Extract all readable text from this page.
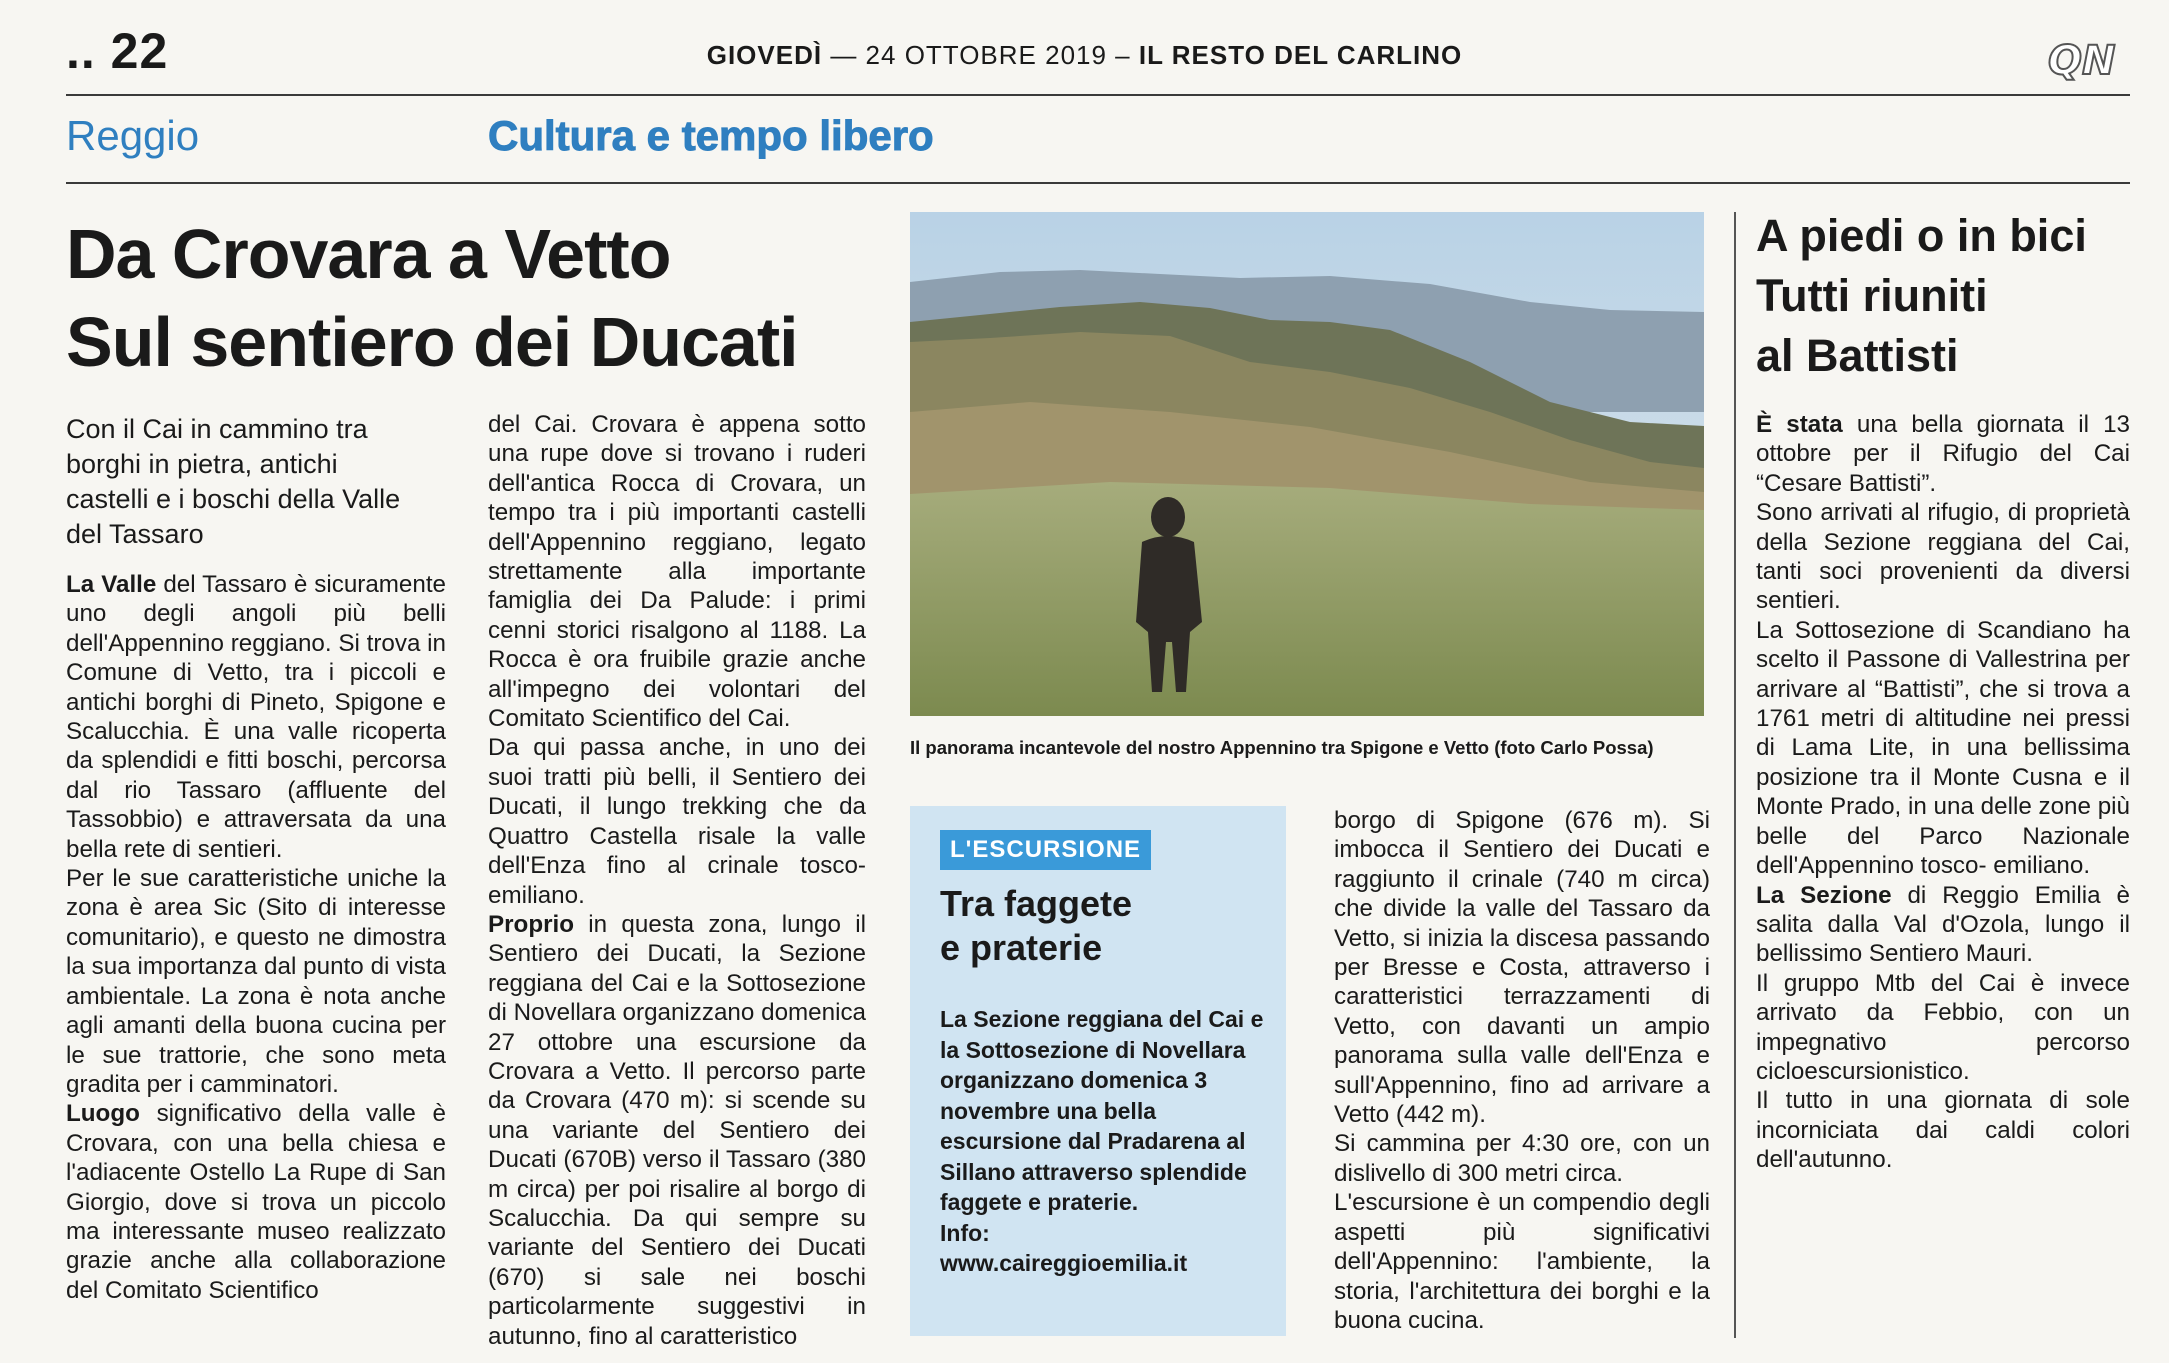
.. 22	GIOVEDÌ — 24 OTTOBRE 2019 – IL RESTO DEL CARLINO	QN
Reggio	Cultura e tempo libero
Da Crovara a Vetto
Sul sentiero dei Ducati
Con il Cai in cammino tra borghi in pietra, antichi castelli e i boschi della Valle del Tassaro
La Valle del Tassaro è sicuramente uno degli angoli più belli dell'Appennino reggiano. Si trova in Comune di Vetto, tra i piccoli e antichi borghi di Pineto, Spigone e Scalucchia. È una valle ricoperta da splendidi e fitti boschi, percorsa dal rio Tassaro (affluente del Tassobbio) e attraversata da una bella rete di sentieri.
Per le sue caratteristiche uniche la zona è area Sic (Sito di interesse comunitario), e questo ne dimostra la sua importanza dal punto di vista ambientale. La zona è nota anche agli amanti della buona cucina per le sue trattorie, che sono meta gradita per i camminatori.
Luogo significativo della valle è Crovara, con una bella chiesa e l'adiacente Ostello La Rupe di San Giorgio, dove si trova un piccolo ma interessante museo realizzato grazie anche alla collaborazione del Comitato Scientifico
del Cai. Crovara è appena sotto una rupe dove si trovano i ruderi dell'antica Rocca di Crovara, un tempo tra i più importanti castelli dell'Appennino reggiano, legato strettamente alla importante famiglia dei Da Palude: i primi cenni storici risalgono al 1188. La Rocca è ora fruibile grazie anche all'impegno dei volontari del Comitato Scientifico del Cai.
Da qui passa anche, in uno dei suoi tratti più belli, il Sentiero dei Ducati, il lungo trekking che da Quattro Castella risale la valle dell'Enza fino al crinale tosco-emiliano.
Proprio in questa zona, lungo il Sentiero dei Ducati, la Sezione reggiana del Cai e la Sottosezione di Novellara organizzano domenica 27 ottobre una escursione da Crovara a Vetto. Il percorso parte da Crovara (470 m): si scende su una variante del Sentiero dei Ducati (670B) verso il Tassaro (380 m circa) per poi risalire al borgo di Scalucchia. Da qui sempre su variante del Sentiero dei Ducati (670) si sale nei boschi particolarmente suggestivi in autunno, fino al caratteristico
Il panorama incantevole del nostro Appennino tra Spigone e Vetto (foto Carlo Possa)
L'ESCURSIONE
Tra faggete
e praterie
La Sezione reggiana del Cai e la Sottosezione di Novellara organizzano domenica 3 novembre una bella escursione dal Pradarena al Sillano attraverso splendide faggete e praterie.
Info:
www.caireggioemilia.it
borgo di Spigone (676 m). Si imbocca il Sentiero dei Ducati e raggiunto il crinale (740 m circa) che divide la valle del Tassaro da Vetto, si inizia la discesa passando per Bresse e Costa, attraverso i caratteristici terrazzamenti di Vetto, con davanti un ampio panorama sulla valle dell'Enza e sull'Appennino, fino ad arrivare a Vetto (442 m).
Si cammina per 4:30 ore, con un dislivello di 300 metri circa.
L'escursione è un compendio degli aspetti più significativi dell'Appennino: l'ambiente, la storia, l'architettura dei borghi e la buona cucina.
A piedi o in bici
Tutti riuniti
al Battisti
È stata una bella giornata il 13 ottobre per il Rifugio del Cai “Cesare Battisti”.
Sono arrivati al rifugio, di proprietà della Sezione reggiana del Cai, tanti soci provenienti da diversi sentieri.
La Sottosezione di Scandiano ha scelto il Passone di Vallestrina per arrivare al “Battisti”, che si trova a 1761 metri di altitudine nei pressi di Lama Lite, in una bellissima posizione tra il Monte Cusna e il Monte Prado, in una delle zone più belle del Parco Nazionale dell'Appennino tosco- emiliano.
La Sezione di Reggio Emilia è salita dalla Val d'Ozola, lungo il bellissimo Sentiero Mauri.
Il gruppo Mtb del Cai è invece arrivato da Febbio, con un impegnativo percorso cicloescursionistico.
Il tutto in una giornata di sole incorniciata dai caldi colori dell'autunno.
